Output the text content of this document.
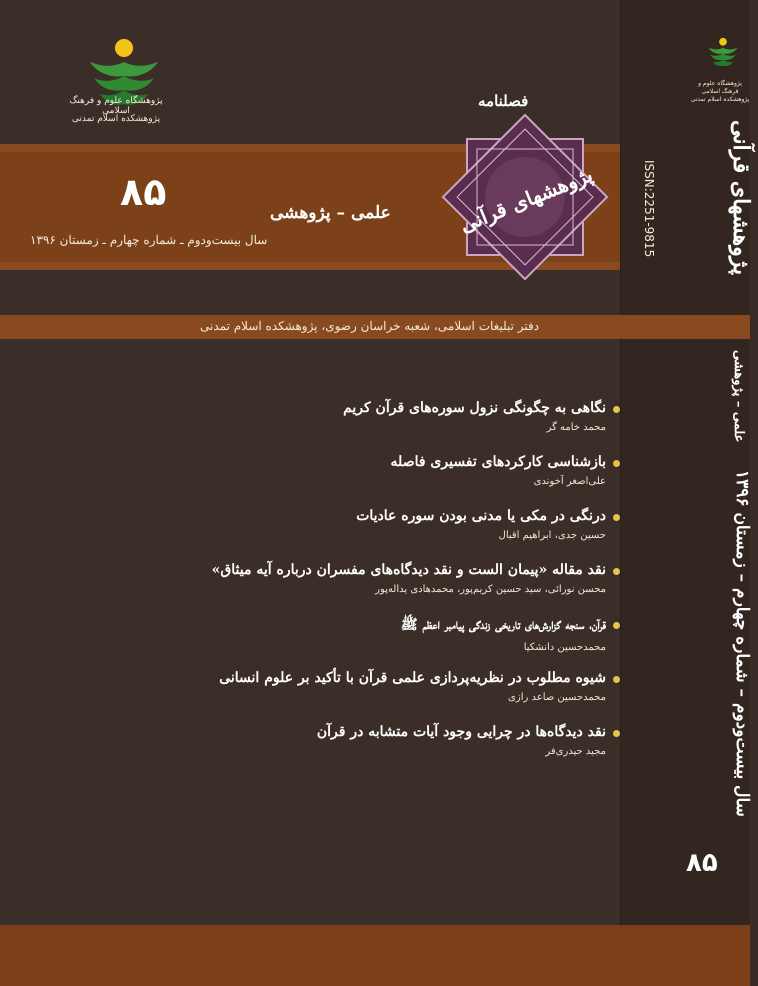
پژوهشگاه علوم و فرهنگ اسلامی
پژوهشکده اسلام تمدنی
پژوهشگاه علوم و فرهنگ اسلامی پژوهشکده اسلام تمدنی
فصلنامه
پژوهشهای قرآنی
۸۵	علمی – پژوهشی
سال بیست‌ودوم ـ شماره چهارم ـ زمستان ۱۳۹۶	ISSN:2251-9815
دفتر تبلیغات اسلامی، شعبه خراسان رضوی، پژوهشکده اسلام تمدنی
پژوهشهای قرآنی
علمی – پژوهشی
سال بیست‌ودوم – شماره چهارم – زمستان ۱۳۹۶
۸۵
نگاهی به چگونگی نزول سوره‌های قرآن کریم
محمد خامه گر
بازشناسی کارکردهای تفسیری فاصله
علی‌اصغر آخوندی
درنگی در مکی یا مدنی بودن سوره عادیات
حسین جدی، ابراهیم اقبال
نقد مقاله «پیمان الست و نقد دیدگاه‌های مفسران درباره آیه میثاق»
محسن نورائی، سید حسین کریم‌پور، محمدهادی یداله‌پور
قرآن، سنجه گزارش‌های تاریخی زندگی پیامبر اعظم ﷺ
محمدحسین دانشکیا
شیوه مطلوب در نظریه‌پردازی علمی قرآن با تأکید بر علوم انسانی
محمدحسین صاعد رازی
نقد دیدگاه‌ها در چرایی وجود آیات متشابه در قرآن
مجید حیدری‌فر
